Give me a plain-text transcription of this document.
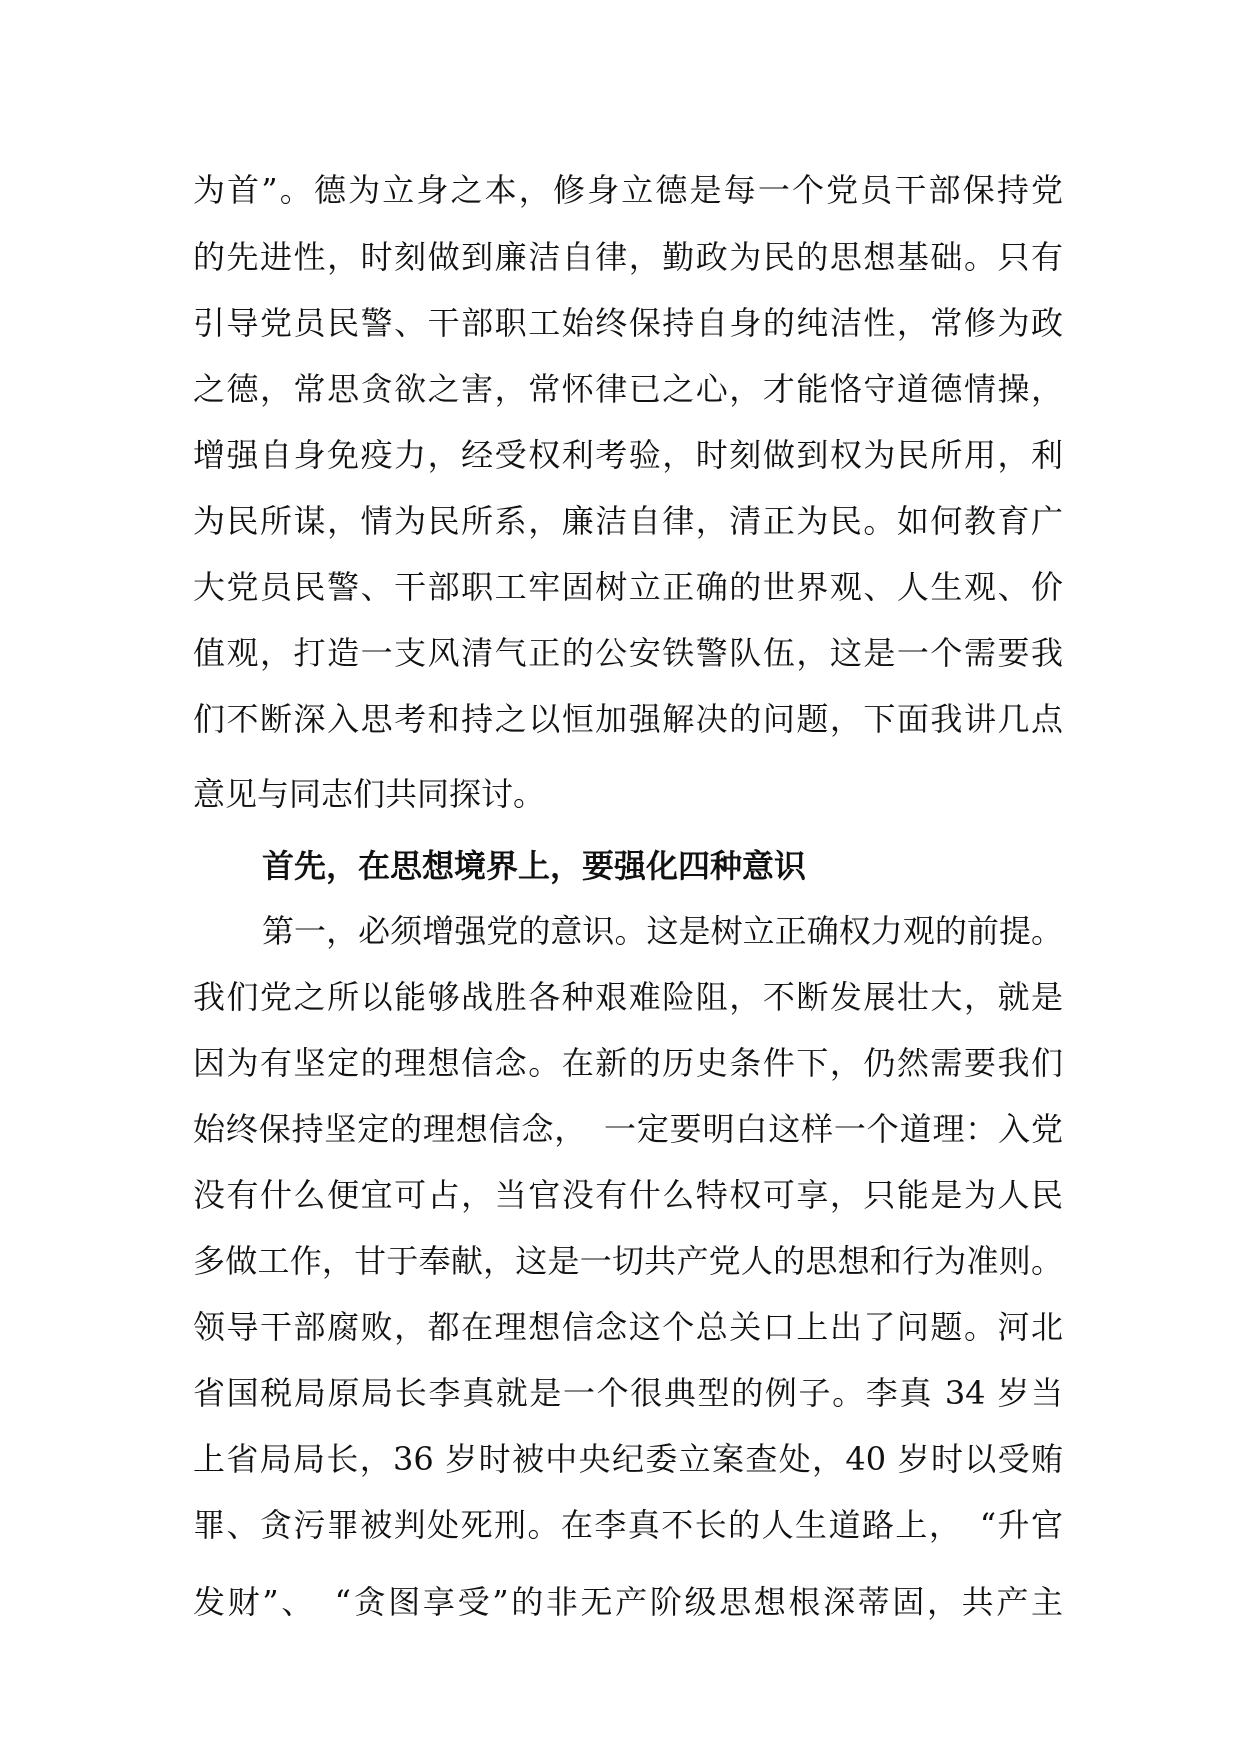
为首”。德为立身之本，修身立德是每一个党员干部保持党
的先进性，时刻做到廉洁自律，勤政为民的思想基础。只有
引导党员民警、干部职工始终保持自身的纯洁性，常修为政
之德，常思贪欲之害，常怀律已之心，才能恪守道德情操，
增强自身免疫力，经受权利考验，时刻做到权为民所用，利
为民所谋，情为民所系，廉洁自律，清正为民。如何教育广
大党员民警、干部职工牢固树立正确的世界观、人生观、价
值观，打造一支风清气正的公安铁警队伍，这是一个需要我
们不断深入思考和持之以恒加强解决的问题，下面我讲几点
意见与同志们共同探讨。
首先，在思想境界上，要强化四种意识
第一，必须增强党的意识。这是树立正确权力观的前提。
我们党之所以能够战胜各种艰难险阻，不断发展壮大，就是
因为有坚定的理想信念。在新的历史条件下，仍然需要我们
始终保持坚定的理想信念，　一定要明白这样一个道理：入党
没有什么便宜可占，当官没有什么特权可享，只能是为人民
多做工作，甘于奉献，这是一切共产党人的思想和行为准则。
领导干部腐败，都在理想信念这个总关口上出了问题。河北
省国税局原局长李真就是一个很典型的例子。李真 34 岁当
上省局局长，36 岁时被中央纪委立案查处，40 岁时以受贿
罪、贪污罪被判处死刑。在李真不长的人生道路上，　“升官
发财”、　“贪图享受”的非无产阶级思想根深蒂固，共产主
